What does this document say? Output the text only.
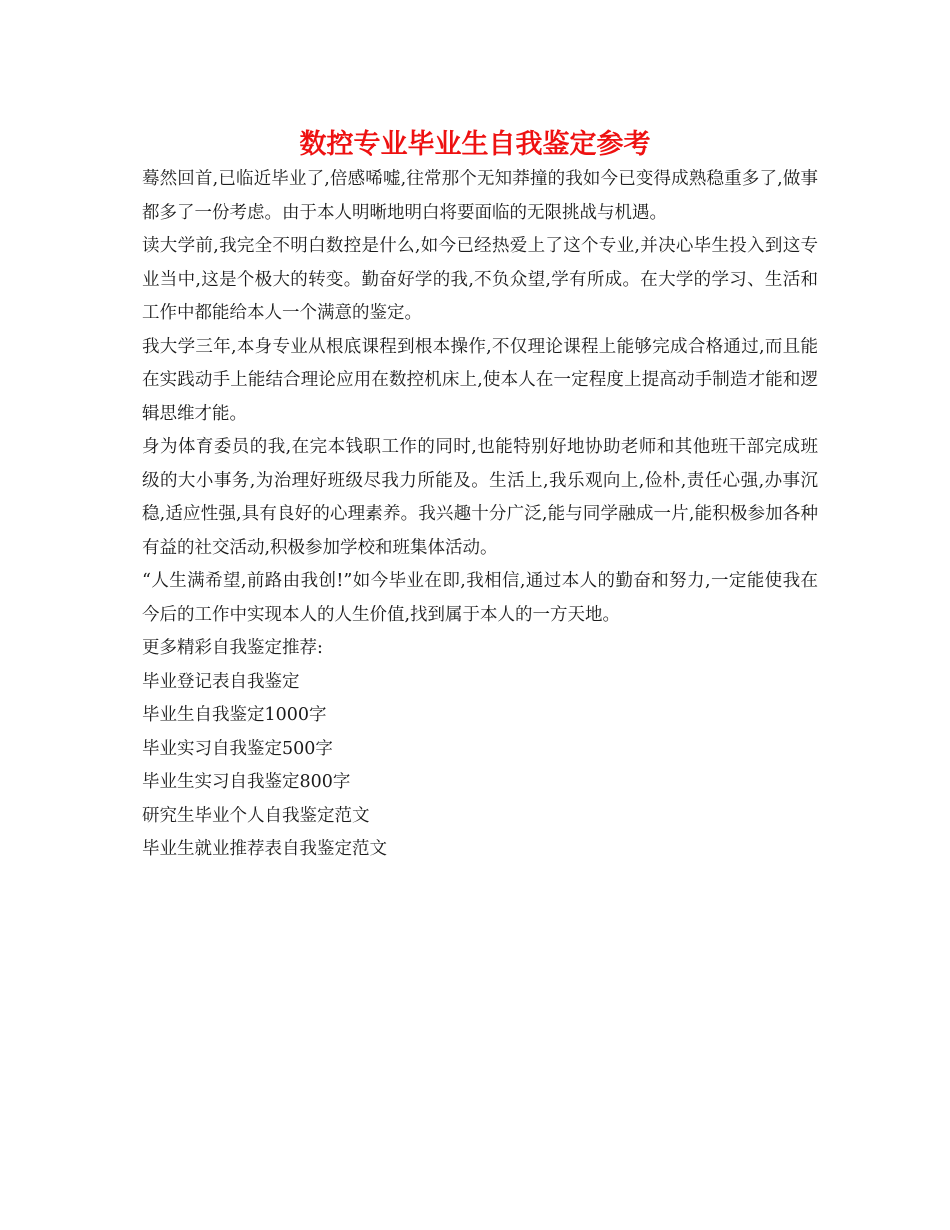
数控专业毕业生自我鉴定参考

蓦然回首,已临近毕业了,倍感唏嘘,往常那个无知莽撞的我如今已变得成熟稳重多了,做事都多了一份考虑。由于本人明晰地明白将要面临的无限挑战与机遇。

读大学前,我完全不明白数控是什么,如今已经热爱上了这个专业,并决心毕生投入到这专业当中,这是个极大的转变。勤奋好学的我,不负众望,学有所成。在大学的学习、生活和工作中都能给本人一个满意的鉴定。

我大学三年,本身专业从根底课程到根本操作,不仅理论课程上能够完成合格通过,而且能在实践动手上能结合理论应用在数控机床上,使本人在一定程度上提高动手制造才能和逻辑思维才能。

身为体育委员的我,在完本钱职工作的同时,也能特别好地协助老师和其他班干部完成班级的大小事务,为治理好班级尽我力所能及。生活上,我乐观向上,俭朴,责任心强,办事沉稳,适应性强,具有良好的心理素养。我兴趣十分广泛,能与同学融成一片,能积极参加各种有益的社交活动,积极参加学校和班集体活动。

“人生满希望,前路由我创!”如今毕业在即,我相信,通过本人的勤奋和努力,一定能使我在今后的工作中实现本人的人生价值,找到属于本人的一方天地。

更多精彩自我鉴定推荐:

毕业登记表自我鉴定
毕业生自我鉴定1000字
毕业实习自我鉴定500字
毕业生实习自我鉴定800字
研究生毕业个人自我鉴定范文
毕业生就业推荐表自我鉴定范文
